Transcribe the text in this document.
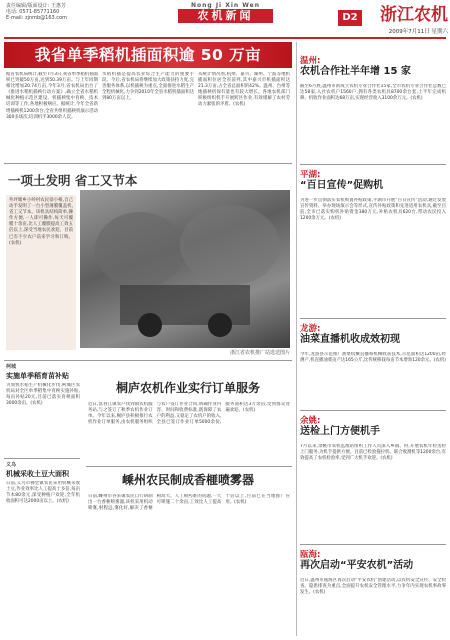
责任编辑/版面设计: 王惠芳
电话: 0571-85771160
E-mail: zjnmb@163.com
Nong Ji Xin Wen
农机新闻	D2	浙江农机
2009年7月11日 星期六
我省单季稻机插面积逾 50 万亩
据省农机局统计,截至7月3日,我省单季稻机插面积已突破50万亩,达到50.39万亩。与上年同期相比增加20.74万亩,今年3月,省农机局出台了《推进水稻机插秧行动方案》,确立全省水稻机械化种植示范区建设、机插秧集中育秧、技术培训等工作,各地积极响应。据统计,今年全省新增插秧机1200余台,全省共组织插秧机演示活动300多场次,培训机手3000余人次。
水稻机插是提高农业综合生产能力的重要手段。今后,省农机局将继续加大政策扶持力度,完善服务体系,以机插秧为重点,全面推进水稻生产全程机械化,力争到2010年全省水稻机插面积达到80万亩以上。
从统计情况看,杭州、嘉兴、湖州、宁波等地机插面积位居全省前列,其中嘉兴市机插面积达21.3万亩,占全省总面积的42%。温州、台州等地插秧机保有量也有较大增长。各地农机部门积极组织机手开展跨区作业,有效缓解了农村劳动力紧张的矛盾。(农机)
一项土发明 省工又节本
外坪塘乡小岭村农民徐小根,自己动手发明了一台小型薄膜覆盖机,省工又节本。该机具结构简单,操作方便,一人即可操作,每天可覆膜十余亩,比人工覆膜提高工效五倍以上,深受当地农民欢迎。目前已有不少农户前来学习和订购。(农机)
浙江省农机推广站选送图片
柯城
实施单季稻育苗补贴
为加快水稻生产机械化步伐,柯城区农机局对全区单季稻集中育秧实施补贴,每亩补贴20元,目前已落实育秧面积3000余亩。(农机)
义乌
机械采收土豆大面积
日前,义乌市佛堂镇农民采用机械采收土豆,作业效率比人工提高十多倍,每亩节本80余元,深受种植户欢迎,全年机收面积可达2000亩以上。(农机)
桐庐农机作业实行订单服务
近日,富春江镇农户找到镇农机服务站,与之签订了秋季农机作业订单。今年以来,桐庐县积极推行农机作业订单服务,由农机服务组织与农户签订作业合同,明确作业内容、时间和收费标准,既保障了农户的利益,又稳定了农机户的收入,全县已签订作业订单5000余份,服务面积达3万余亩,受到群众普遍欢迎。(农机)
嵊州农民制成香榧喷雾器
日前,嵊州市谷来镇农民自行研制出一台香榧喷雾器,该机采用机动喷雾,射程远,雾化好,解决了香榧树高大、人工喷药难的问题,一天可喷施二十余亩,工效比人工提高十倍以上,目前已在当地推广应用。(农机)
温州:
农机合作社半年增 15 家
截至6月底,温州市新成立农机专业合作社15家,全市农机专业合作社总数已达58家,入社农机户1560户,拥有各类农机具8700余台套,上半年完成机耕、机收作业面积达68万亩,实现经营收入3100余万元。(农机)
平湖:
“百日宣传”促购机
为进一步贯彻落实农机购置补贴政策,平湖市开展“百日宣传”活动,通过发放宣传资料、举办现场演示会等形式,宣传补贴政策和先进适用农机具,截至目前,全市已落实购机补贴资金380万元,补贴农机具620台,带动农民投入1200余万元。(农机)
龙游:
油菜直播机收成效初现
今年,龙游县示范推广油菜机械直播和机械收获技术,示范面积达1200亩,经测产,机直播油菜亩产达165公斤,比传统移栽每亩节本增效120余元。(农机)
余姚:
送检上门方便机手
7月以来,余姚市农机监理站组织工作人员深入乡镇、村,开展农机年检送检上门服务,为机手提供方便。目前已检验拖拉机、联合收割机等1200余台,有效提高了农机检验率,受到广大机手欢迎。(农机)
瓯海:
再次启动“平安农机”活动
近日,温州市瓯海区再次启动“平安农机”创建活动,以农机安全宣传、安全检查、隐患排查为重点,全面提升农机安全管理水平,力争年内实现农机事故零发生。(农机)
